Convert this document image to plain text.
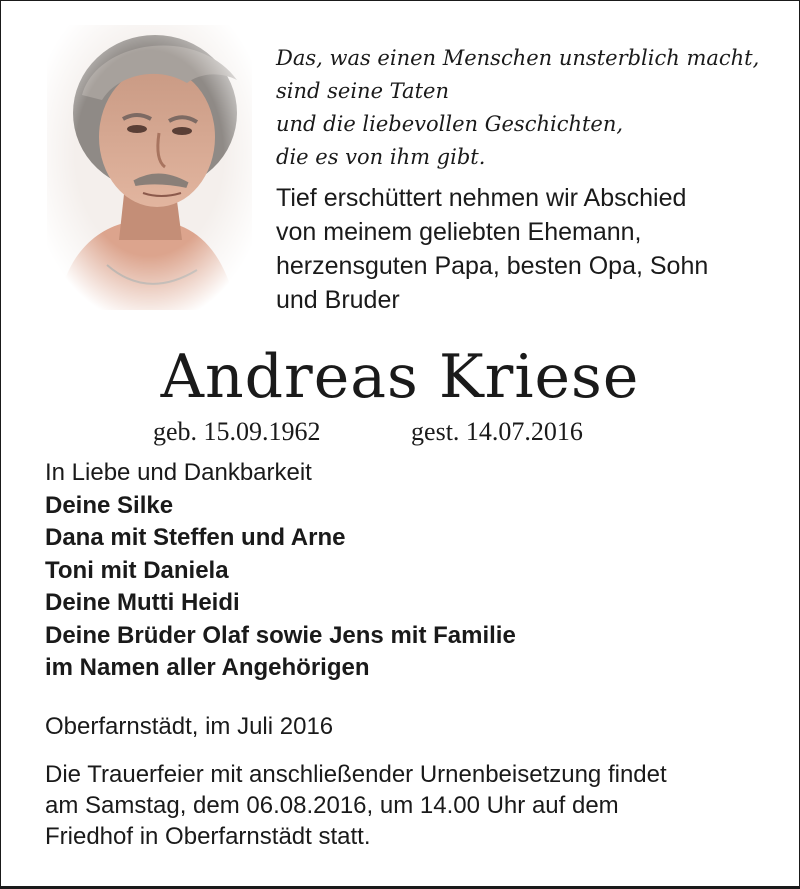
Das, was einen Menschen unsterblich macht,
sind seine Taten
und die liebevollen Geschichten,
die es von ihm gibt.
Tief erschüttert nehmen wir Abschied
von meinem geliebten Ehemann,
herzensguten Papa, besten Opa, Sohn
und Bruder
Andreas Kriese
geb. 15.09.1962	gest. 14.07.2016
In Liebe und Dankbarkeit
Deine Silke
Dana mit Steffen und Arne
Toni mit Daniela
Deine Mutti Heidi
Deine Brüder Olaf sowie Jens mit Familie
im Namen aller Angehörigen
Oberfarnstädt, im Juli 2016
Die Trauerfeier mit anschließender Urnenbeisetzung findet
am Samstag, dem 06.08.2016, um 14.00 Uhr auf dem
Friedhof in Oberfarnstädt statt.
